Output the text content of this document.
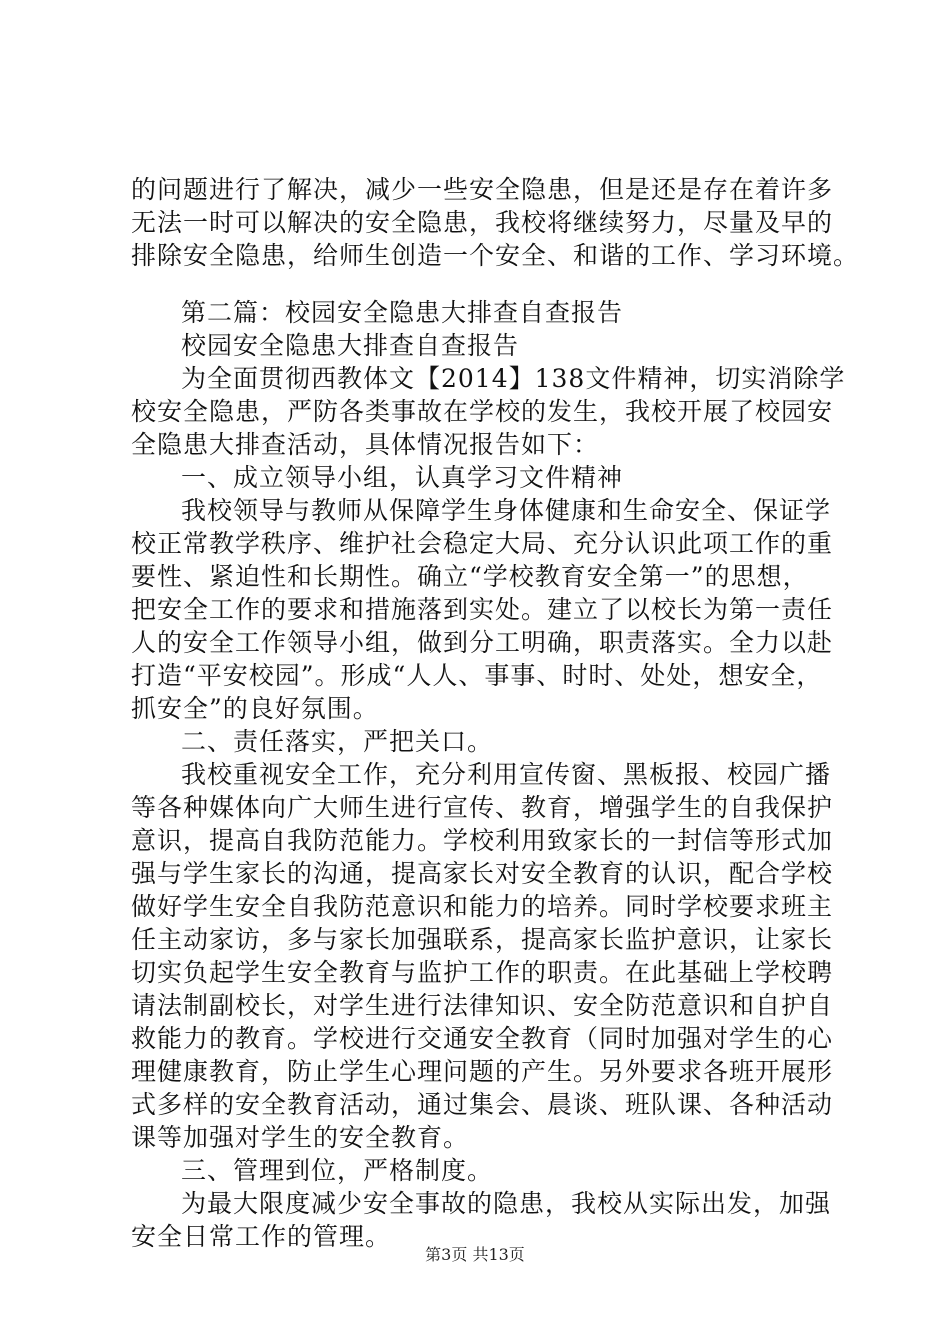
的问题进行了解决，减少一些安全隐患，但是还是存在着许多
无法一时可以解决的安全隐患，我校将继续努力，尽量及早的
排除安全隐患，给师生创造一个安全、和谐的工作、学习环境。
第二篇：校园安全隐患大排查自查报告
校园安全隐患大排查自查报告
为全面贯彻西教体文【2014】138文件精神，切实消除学
校安全隐患，严防各类事故在学校的发生，我校开展了校园安
全隐患大排查活动，具体情况报告如下：
一、成立领导小组，认真学习文件精神
我校领导与教师从保障学生身体健康和生命安全、保证学
校正常教学秩序、维护社会稳定大局、充分认识此项工作的重
要性、紧迫性和长期性。确立“学校教育安全第一”的思想，
把安全工作的要求和措施落到实处。建立了以校长为第一责任
人的安全工作领导小组，做到分工明确，职责落实。全力以赴
打造“平安校园”。形成“人人、事事、时时、处处，想安全，
抓安全”的良好氛围。
二、责任落实，严把关口。
我校重视安全工作，充分利用宣传窗、黑板报、校园广播
等各种媒体向广大师生进行宣传、教育，增强学生的自我保护
意识，提高自我防范能力。学校利用致家长的一封信等形式加
强与学生家长的沟通，提高家长对安全教育的认识，配合学校
做好学生安全自我防范意识和能力的培养。同时学校要求班主
任主动家访，多与家长加强联系，提高家长监护意识，让家长
切实负起学生安全教育与监护工作的职责。在此基础上学校聘
请法制副校长，对学生进行法律知识、安全防范意识和自护自
救能力的教育。学校进行交通安全教育（同时加强对学生的心
理健康教育，防止学生心理问题的产生。另外要求各班开展形
式多样的安全教育活动，通过集会、晨谈、班队课、各种活动
课等加强对学生的安全教育。
三、管理到位，严格制度。
为最大限度减少安全事故的隐患，我校从实际出发，加强
安全日常工作的管理。
第3页 共13页
